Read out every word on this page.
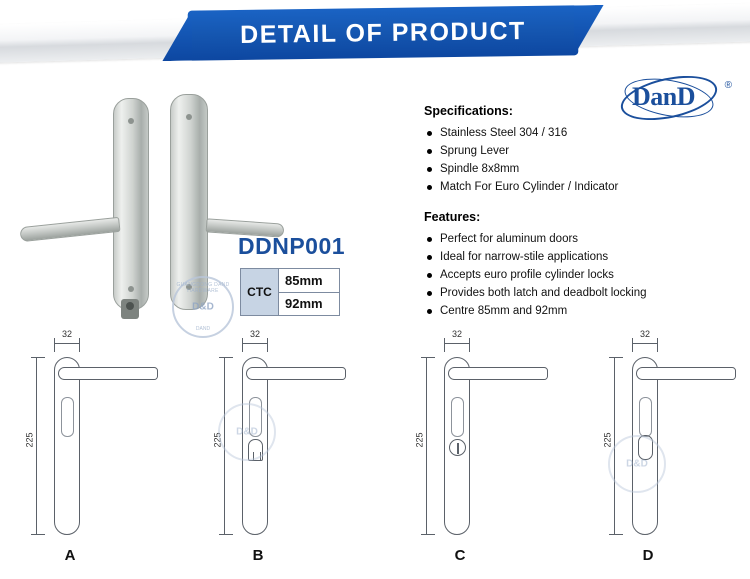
DETAIL OF PRODUCT
DanD	®
GUANGDONG DAND HARDWARE
D&D
DAND
DDNP001
CTC	85mm
92mm
Specifications:
Stainless Steel 304 / 316
Sprung Lever
Spindle 8x8mm
Match For Euro Cylinder / Indicator
Features:
Perfect for aluminum doors
Ideal for narrow-stile applications
Accepts euro profile cylinder locks
Provides both latch and deadbolt locking
Centre 85mm and 92mm
32
225
A
32
225
D&D
B
32
225
C
32
225
D&D
D
